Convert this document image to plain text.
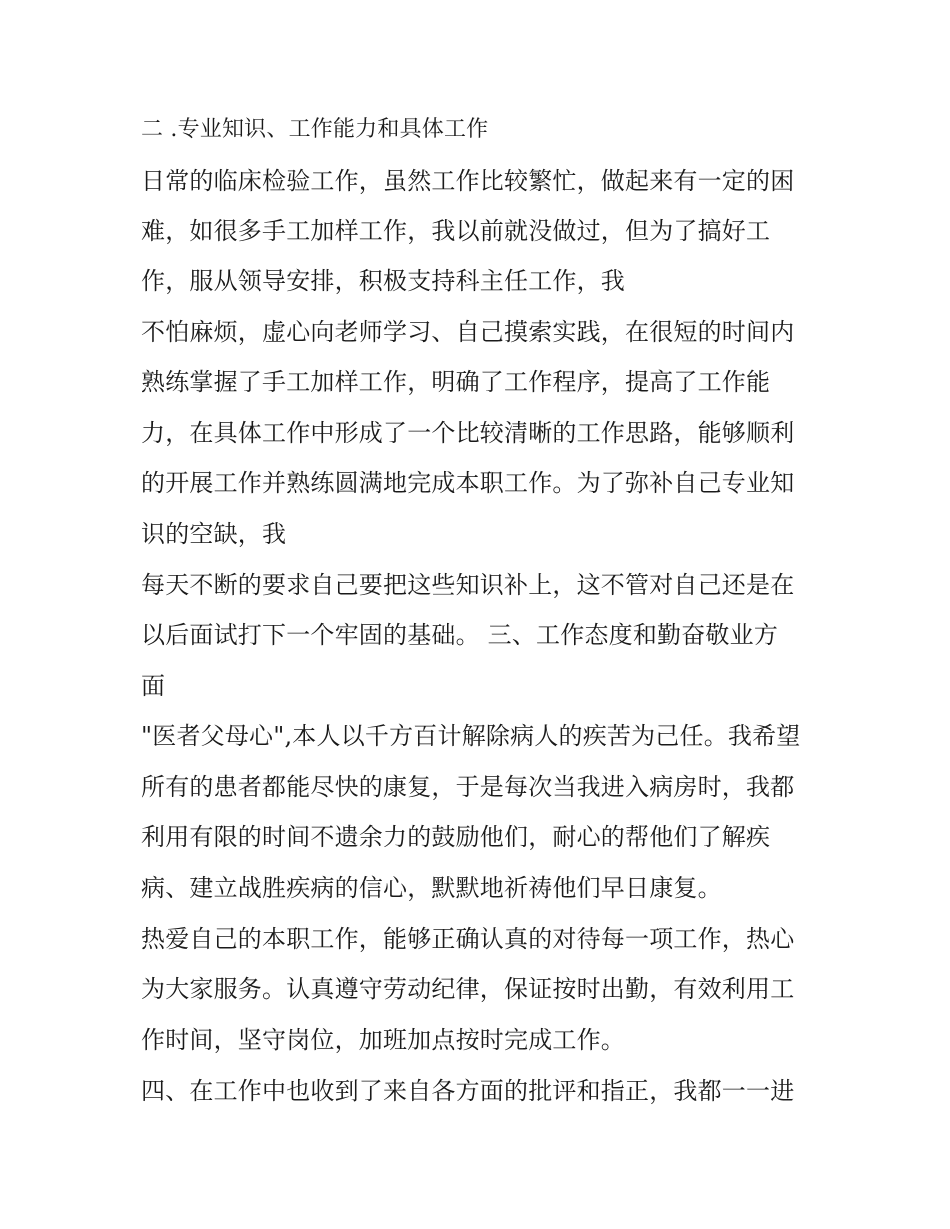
二 .专业知识、工作能力和具体工作

日常的临床检验工作，虽然工作比较繁忙，做起来有一定的困

难，如很多手工加样工作，我以前就没做过，但为了搞好工

作，服从领导安排，积极支持科主任工作，我

不怕麻烦，虚心向老师学习、自己摸索实践，在很短的时间内

熟练掌握了手工加样工作，明确了工作程序，提高了工作能

力，在具体工作中形成了一个比较清晰的工作思路，能够顺利

的开展工作并熟练圆满地完成本职工作。为了弥补自己专业知

识的空缺，我

每天不断的要求自己要把这些知识补上，这不管对自己还是在

以后面试打下一个牢固的基础。 三、工作态度和勤奋敬业方

面

"医者父母心",本人以千方百计解除病人的疾苦为己任。我希望

所有的患者都能尽快的康复，于是每次当我进入病房时，我都

利用有限的时间不遗余力的鼓励他们，耐心的帮他们了解疾

病、建立战胜疾病的信心，默默地祈祷他们早日康复。

热爱自己的本职工作，能够正确认真的对待每一项工作，热心

为大家服务。认真遵守劳动纪律，保证按时出勤，有效利用工

作时间，坚守岗位，加班加点按时完成工作。

四、在工作中也收到了来自各方面的批评和指正，我都一一进
